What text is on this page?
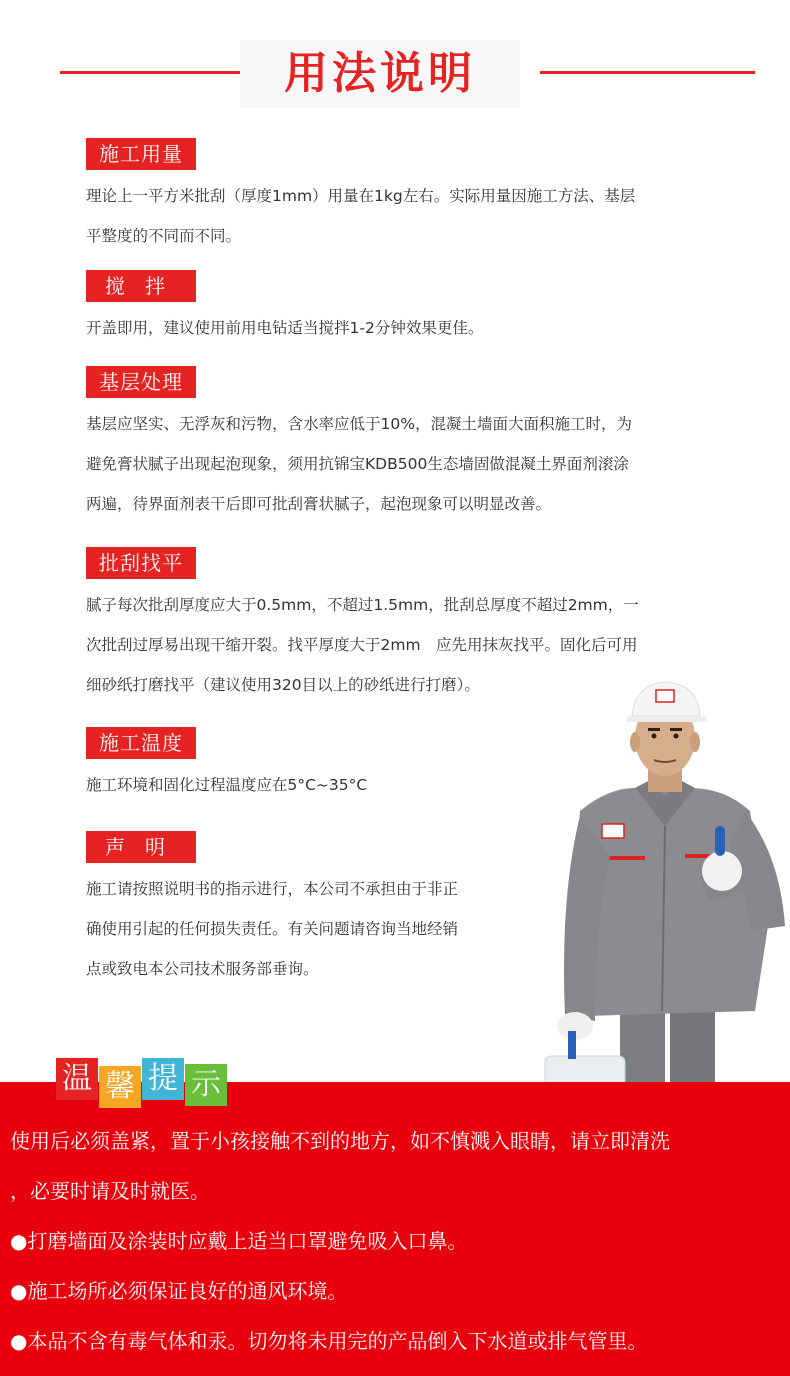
用法说明
施工用量
理论上一平方米批刮（厚度1mm）用量在1kg左右。实际用量因施工方法、基层
平整度的不同而不同。
搅拌
开盖即用，建议使用前用电钻适当搅拌1-2分钟效果更佳。
基层处理
基层应坚实、无浮灰和污物，含水率应低于10%，混凝土墙面大面积施工时，为
避免膏状腻子出现起泡现象，须用抗锦宝KDB500生态墙固做混凝土界面剂滚涂
两遍，待界面剂表干后即可批刮膏状腻子，起泡现象可以明显改善。
批刮找平
腻子每次批刮厚度应大于0.5mm，不超过1.5mm，批刮总厚度不超过2mm，一
次批刮过厚易出现干缩开裂。找平厚度大于2mm　应先用抹灰找平。固化后可用
细砂纸打磨找平（建议使用320目以上的砂纸进行打磨）。
施工温度
施工环境和固化过程温度应在5°C~35°C
声明
施工请按照说明书的指示进行，本公司不承担由于非正
确使用引起的任何损失责任。有关问题请咨询当地经销
点或致电本公司技术服务部垂询。
温 馨 提 示
使用后必须盖紧，置于小孩接触不到的地方，如不慎溅入眼睛，请立即清洗
，必要时请及时就医。
●打磨墙面及涂装时应戴上适当口罩避免吸入口鼻。
●施工场所必须保证良好的通风环境。
●本品不含有毒气体和汞。切勿将未用完的产品倒入下水道或排气管里。
